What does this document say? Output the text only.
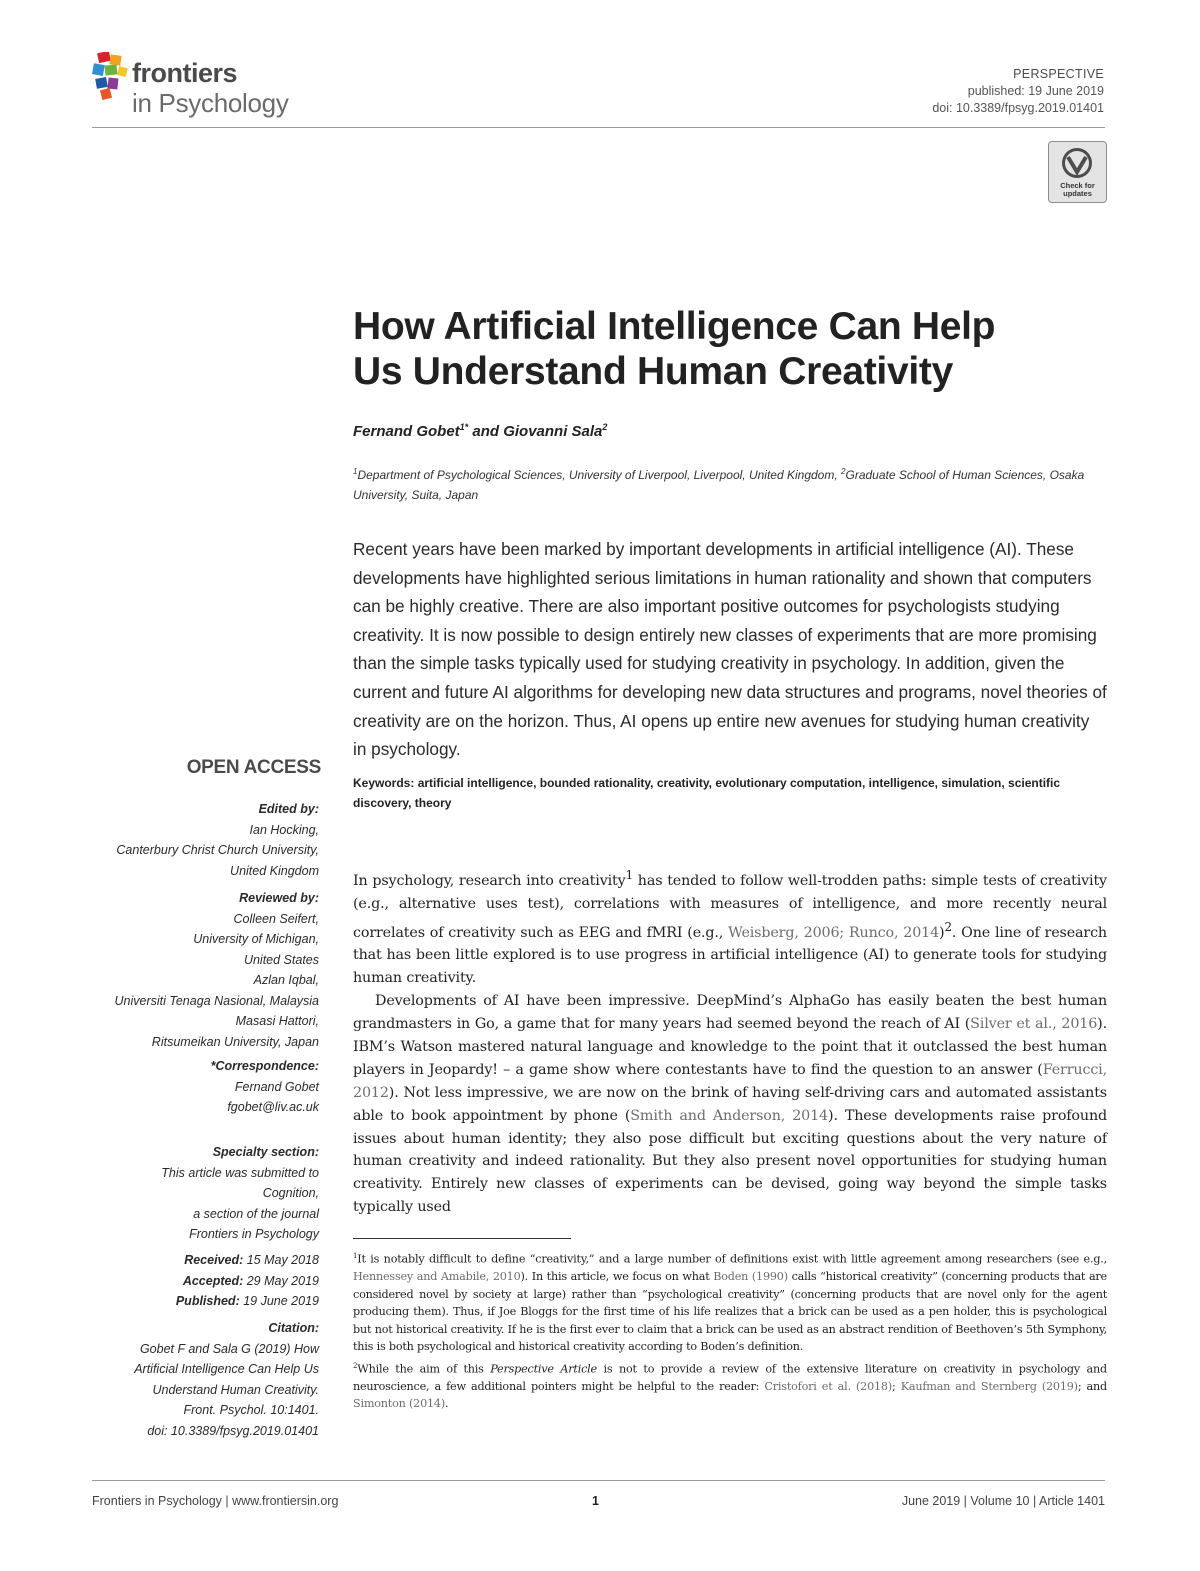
frontiers
in Psychology
PERSPECTIVE
published: 19 June 2019
doi: 10.3389/fpsyg.2019.01401
Check for updates
How Artificial Intelligence Can Help
Us Understand Human Creativity
Fernand Gobet$^{1*}$ and Giovanni Sala$^2$
$^1$Department of Psychological Sciences, University of Liverpool, Liverpool, United Kingdom, $^2$Graduate School of Human Sciences, Osaka University, Suita, Japan
Recent years have been marked by important developments in artificial intelligence (AI). These developments have highlighted serious limitations in human rationality and shown that computers can be highly creative. There are also important positive outcomes for psychologists studying creativity. It is now possible to design entirely new classes of experiments that are more promising than the simple tasks typically used for studying creativity in psychology. In addition, given the current and future AI algorithms for developing new data structures and programs, novel theories of creativity are on the horizon. Thus, AI opens up entire new avenues for studying human creativity in psychology.
Keywords: artificial intelligence, bounded rationality, creativity, evolutionary computation, intelligence, simulation, scientific discovery, theory
OPEN ACCESS
Edited by:
Ian Hocking,
Canterbury Christ Church University,
United Kingdom
Reviewed by:
Colleen Seifert,
University of Michigan,
United States
Azlan Iqbal,
Universiti Tenaga Nasional, Malaysia
Masasi Hattori,
Ritsumeikan University, Japan
*Correspondence:
Fernand Gobet
fgobet@liv.ac.uk
Specialty section:
This article was submitted to
Cognition,
a section of the journal
Frontiers in Psychology
Received: 15 May 2018
Accepted: 29 May 2019
Published: 19 June 2019
Citation:
Gobet F and Sala G (2019) How
Artificial Intelligence Can Help Us
Understand Human Creativity.
Front. Psychol. 10:1401.
doi: 10.3389/fpsyg.2019.01401

In psychology, research into creativity$^1$ has tended to follow well-trodden paths: simple tests of creativity (e.g., alternative uses test), correlations with measures of intelligence, and more recently neural correlates of creativity such as EEG and fMRI (e.g., Weisberg, 2006; Runco, 2014)$^2$. One line of research that has been little explored is to use progress in artificial intelligence (AI) to generate tools for studying human creativity.

Developments of AI have been impressive. DeepMind’s AlphaGo has easily beaten the best human grandmasters in Go, a game that for many years had seemed beyond the reach of AI (Silver et al., 2016). IBM’s Watson mastered natural language and knowledge to the point that it outclassed the best human players in Jeopardy! – a game show where contestants have to find the question to an answer (Ferrucci, 2012). Not less impressive, we are now on the brink of having self-driving cars and automated assistants able to book appointment by phone (Smith and Anderson, 2014). These developments raise profound issues about human identity; they also pose difficult but exciting questions about the very nature of human creativity and indeed rationality. But they also present novel opportunities for studying human creativity. Entirely new classes of experiments can be devised, going way beyond the simple tasks typically used

$^1$It is notably difficult to define “creativity,” and a large number of definitions exist with little agreement among researchers (see e.g., Hennessey and Amabile, 2010). In this article, we focus on what Boden (1990) calls “historical creativity” (concerning products that are considered novel by society at large) rather than “psychological creativity” (concerning products that are novel only for the agent producing them). Thus, if Joe Bloggs for the first time of his life realizes that a brick can be used as a pen holder, this is psychological but not historical creativity. If he is the first ever to claim that a brick can be used as an abstract rendition of Beethoven’s 5th Symphony, this is both psychological and historical creativity according to Boden’s definition.

$^2$While the aim of this Perspective Article is not to provide a review of the extensive literature on creativity in psychology and neuroscience, a few additional pointers might be helpful to the reader: Cristofori et al. (2018); Kaufman and Sternberg (2019); and Simonton (2014).

Frontiers in Psychology | www.frontiersin.org	1	June 2019 | Volume 10 | Article 1401
